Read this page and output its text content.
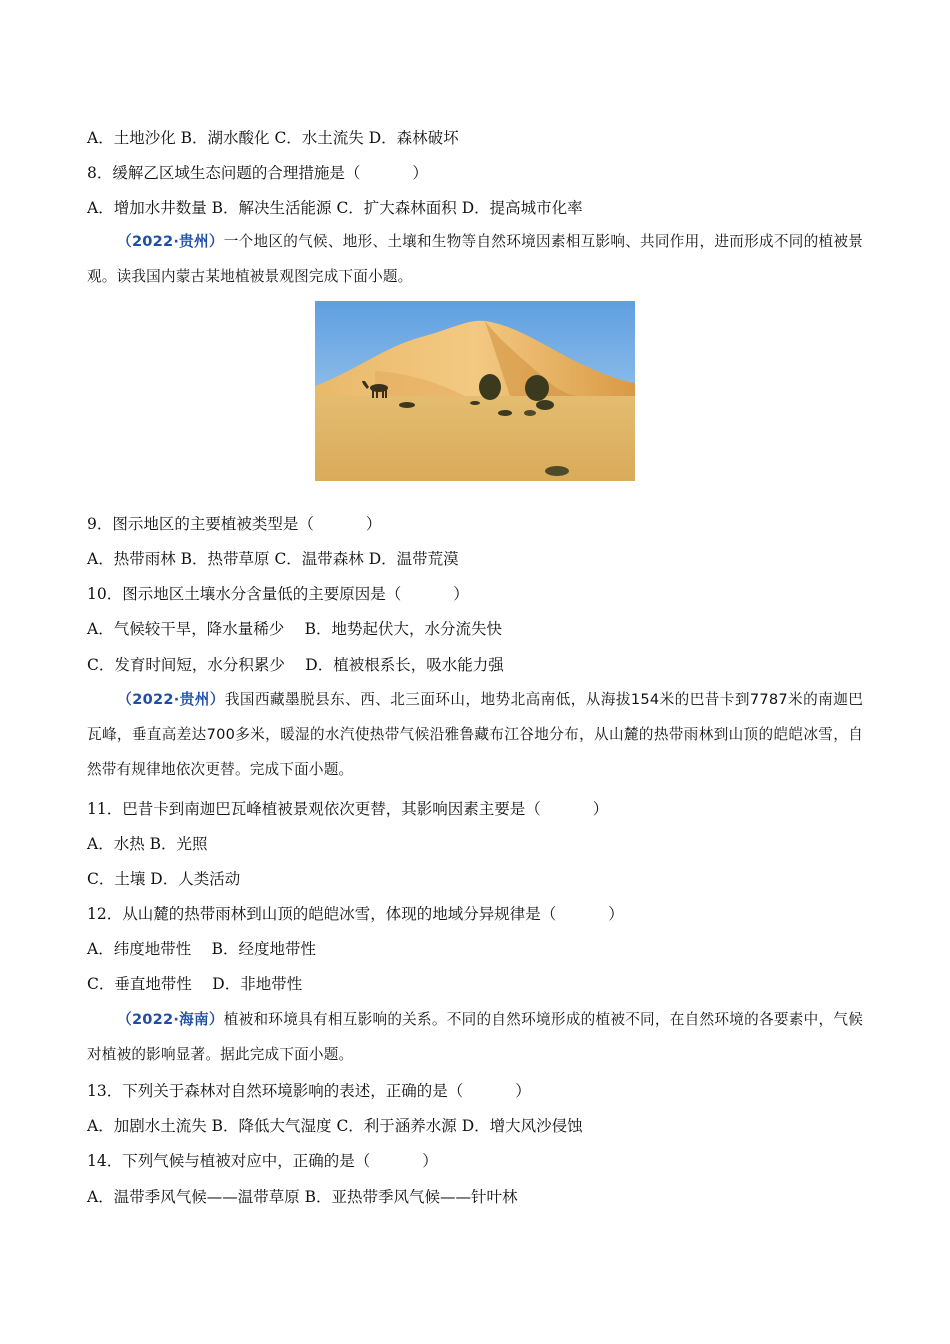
A．土地沙化 B．湖水酸化 C．水土流失 D．森林破坏
8．缓解乙区域生态问题的合理措施是（	）
A．增加水井数量 B．解决生活能源 C．扩大森林面积 D．提高城市化率
（2022·贵州）一个地区的气候、地形、土壤和生物等自然环境因素相互影响、共同作用，进而形成不同的植被景观。读我国内蒙古某地植被景观图完成下面小题。
9．图示地区的主要植被类型是（	）
A．热带雨林 B．热带草原 C．温带森林 D．温带荒漠
10．图示地区土壤水分含量低的主要原因是（	）
A．气候较干旱，降水量稀少　 B．地势起伏大，水分流失快
C．发育时间短，水分积累少　 D．植被根系长，吸水能力强
（2022·贵州）我国西藏墨脱县东、西、北三面环山，地势北高南低，从海拔154米的巴昔卡到7787米的南迦巴瓦峰，垂直高差达700多米，暖湿的水汽使热带气候沿雅鲁藏布江谷地分布，从山麓的热带雨林到山顶的皑皑冰雪，自然带有规律地依次更替。完成下面小题。
11．巴昔卡到南迦巴瓦峰植被景观依次更替，其影响因素主要是（	）
A．水热 B．光照
C．土壤 D．人类活动
12．从山麓的热带雨林到山顶的皑皑冰雪，体现的地域分异规律是（	）
A．纬度地带性　 B．经度地带性
C．垂直地带性　 D．非地带性
（2022·海南）植被和环境具有相互影响的关系。不同的自然环境形成的植被不同，在自然环境的各要素中，气候对植被的影响显著。据此完成下面小题。
13．下列关于森林对自然环境影响的表述，正确的是（	）
A．加剧水土流失 B．降低大气湿度 C．利于涵养水源 D．增大风沙侵蚀
14．下列气候与植被对应中，正确的是（	）
A．温带季风气候——温带草原 B．亚热带季风气候——针叶林
